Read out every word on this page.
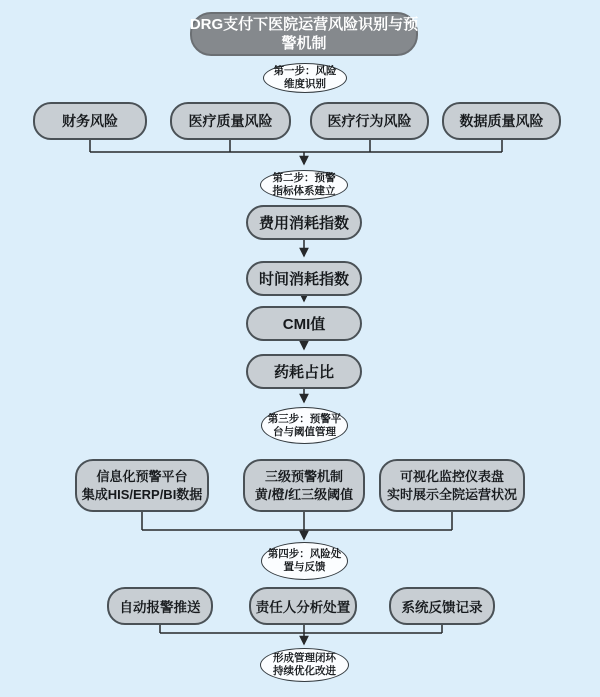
DRG支付下医院运营风险识别与预
警机制
第一步：风险
维度识别
财务风险	医疗质量风险	医疗行为风险	数据质量风险
第二步：预警
指标体系建立
费用消耗指数
时间消耗指数
CMI值
药耗占比
第三步：预警平
台与阈值管理
信息化预警平台
集成HIS/ERP/BI数据
三级预警机制
黄/橙/红三级阈值
可视化监控仪表盘
实时展示全院运营状况
第四步：风险处
置与反馈
自动报警推送	责任人分析处置	系统反馈记录
形成管理闭环
持续优化改进
